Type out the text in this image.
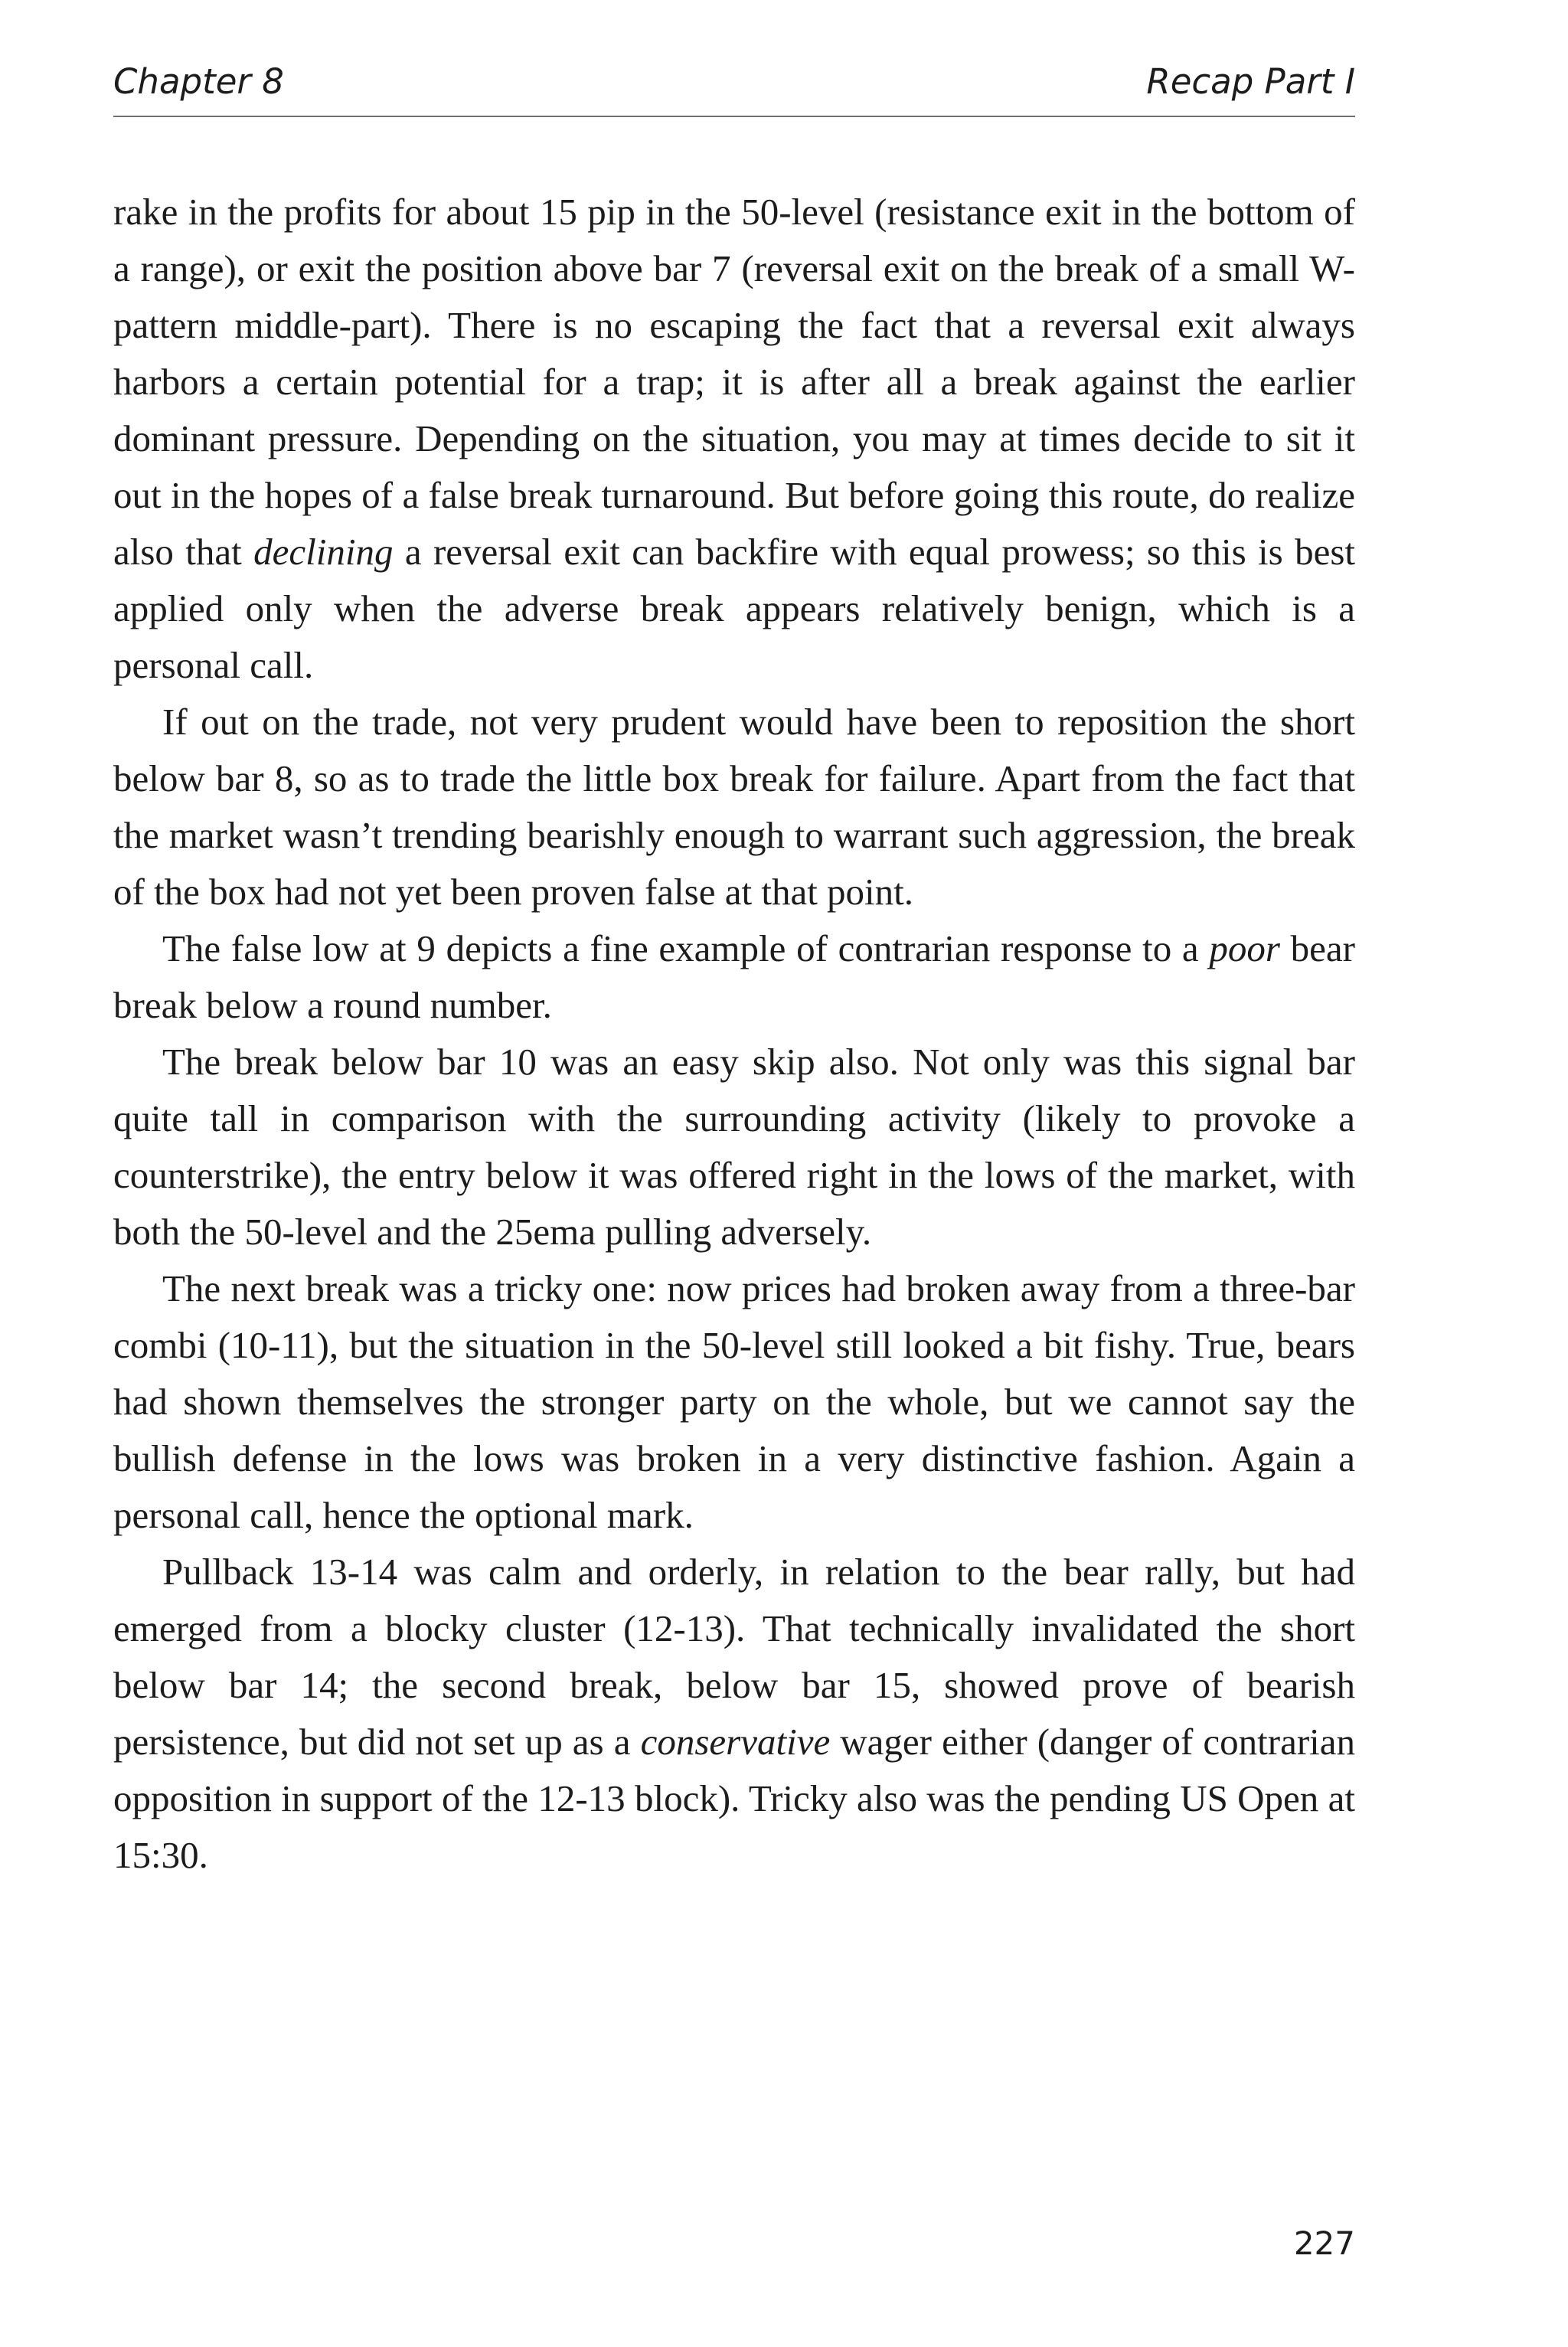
Chapter 8	Recap Part I

rake in the profits for about 15 pip in the 50-level (resistance exit in the bottom of a range), or exit the position above bar 7 (reversal exit on the break of a small W-pattern middle-part). There is no escaping the fact that a reversal exit always harbors a certain potential for a trap; it is after all a break against the earlier dominant pressure. Depending on the situation, you may at times decide to sit it out in the hopes of a false break turnaround. But before going this route, do realize also that declining a reversal exit can backfire with equal prowess; so this is best applied only when the adverse break appears relatively benign, which is a personal call.

If out on the trade, not very prudent would have been to reposition the short below bar 8, so as to trade the little box break for failure. Apart from the fact that the market wasn’t trending bearishly enough to warrant such aggression, the break of the box had not yet been proven false at that point.

The false low at 9 depicts a fine example of contrarian response to a poor bear break below a round number.

The break below bar 10 was an easy skip also. Not only was this signal bar quite tall in comparison with the surrounding activity (likely to provoke a counterstrike), the entry below it was offered right in the lows of the market, with both the 50-level and the 25ema pulling adversely.

The next break was a tricky one: now prices had broken away from a three-bar combi (10-11), but the situation in the 50-level still looked a bit fishy. True, bears had shown themselves the stronger party on the whole, but we cannot say the bullish defense in the lows was broken in a very distinctive fashion. Again a personal call, hence the optional mark.

Pullback 13-14 was calm and orderly, in relation to the bear rally, but had emerged from a blocky cluster (12-13). That technically invalidated the short below bar 14; the second break, below bar 15, showed prove of bearish persistence, but did not set up as a conservative wager either (danger of contrarian opposition in support of the 12-13 block). Tricky also was the pending US Open at 15:30.

227
